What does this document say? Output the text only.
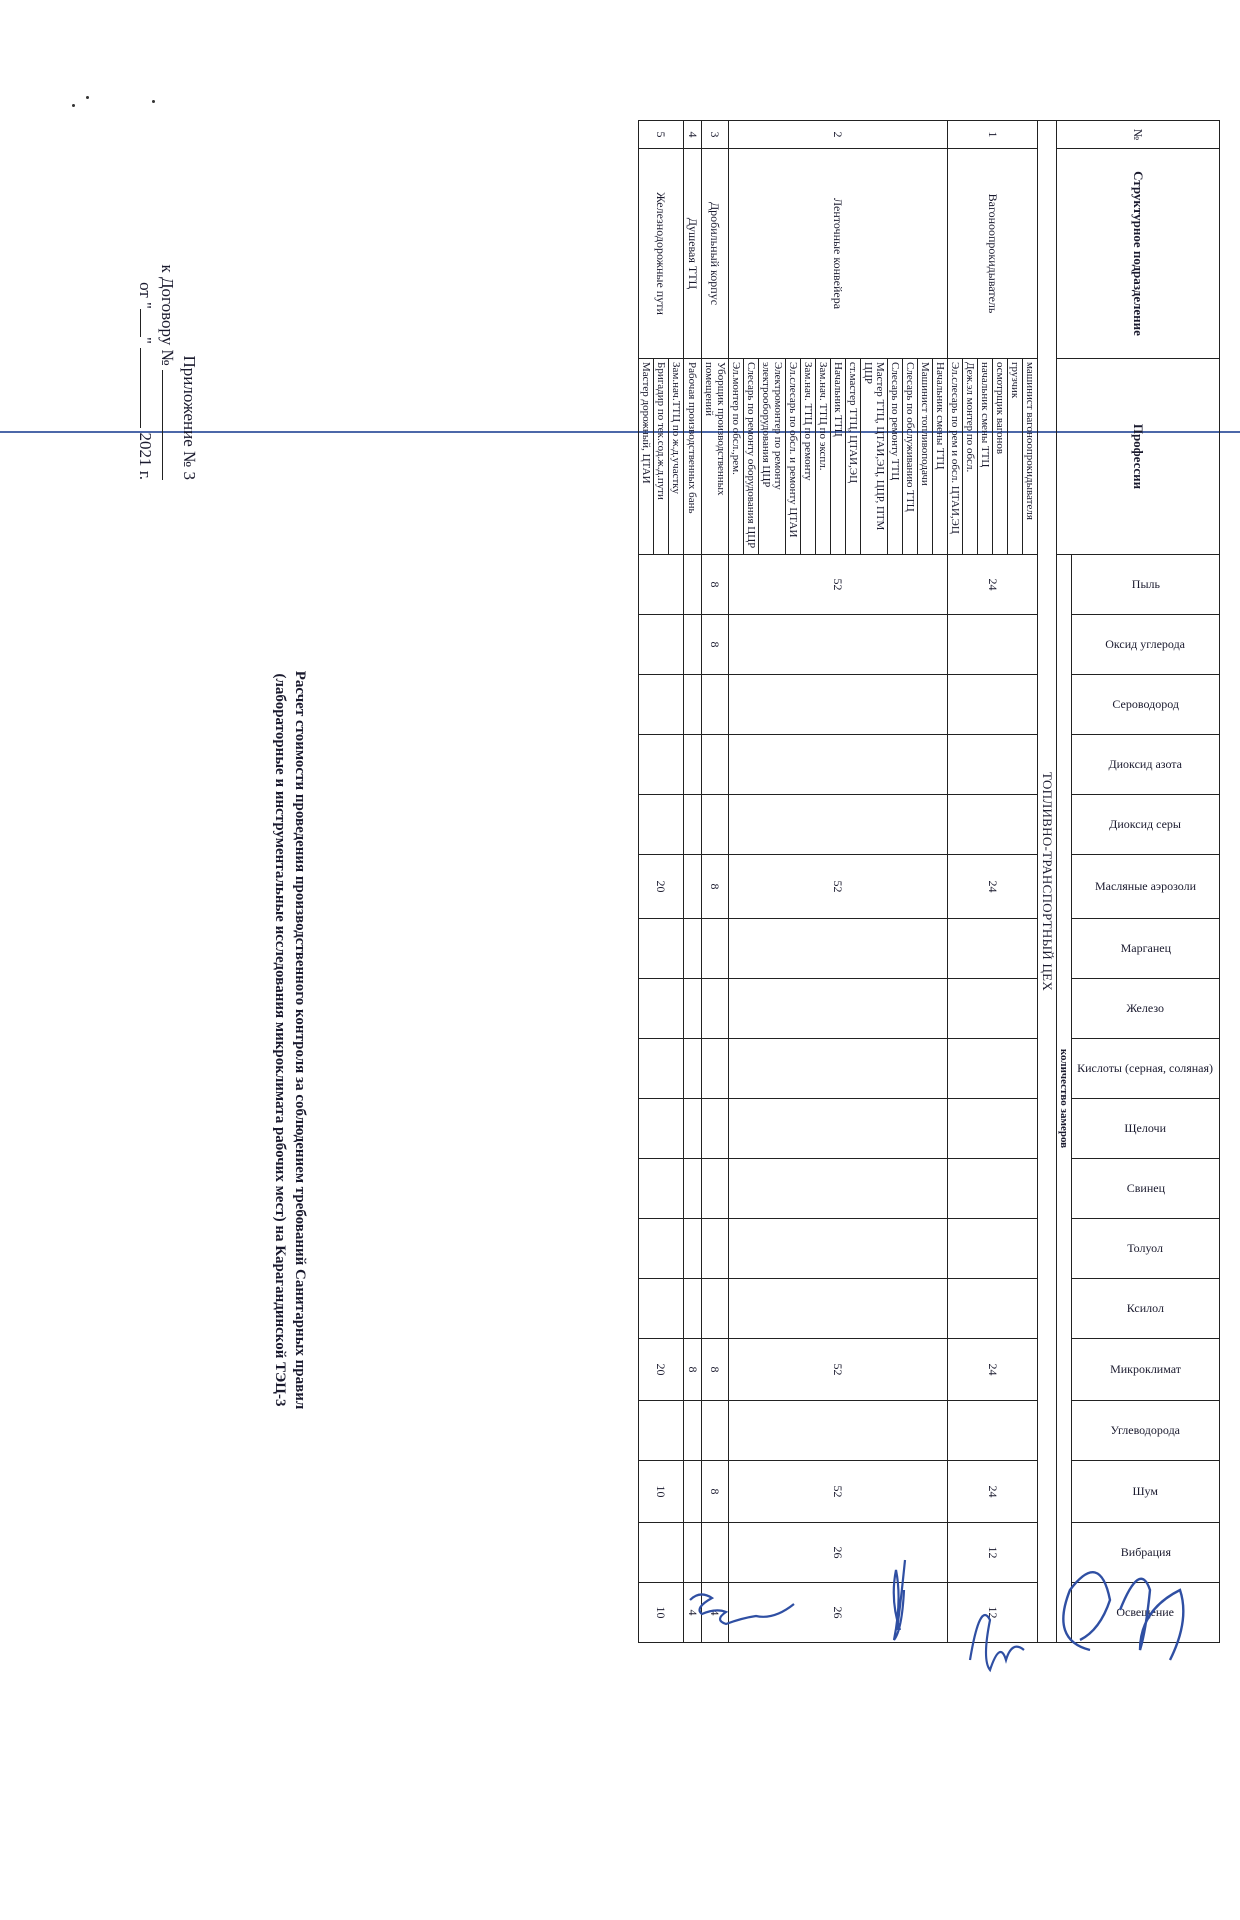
Приложение № 3
к Договору №
от ""  2021 г.
Расчет стоимости проведения производственного контроля за соблюдением требований Санитарных правил
(лабораторные и инструментальные исследования микроклимата рабочих мест) на Карагандинской ТЭЦ-3
№	Структурное подразделение	Профессии	Пыль	Оксид углерода	Сероводород	Диоксид азота	Диоксид серы	Масляные аэрозоли	Марганец	Железо	Кислоты (серная, соляная)	Щелочи	Свинец	Толуол	Ксилол	Микроклимат	Углеводорода	Шум	Вибрация	Освещение

			количество замеров																	
ТОПЛИВНО-ТРАНСПОРТНЫЙ ЦЕХ																				
1	Вагоноопрокидыватель	машинист вагоноопрокидывателя	24					24								24		24	12	12
		грузчик																		
		осмотрщик вагонов																		
		начальник смены ТТЦ																		
		Деж.эл монтер по обсл.																		
		Эл.слесарь по рем и обсл. ЦТАИ,ЭЦ																		
2	Ленточные конвейера	Начальник смены ТТЦ	52					52								52		52	26	26
		Машинист топливоподачи																		
		Слесарь по обслуживанию ТТЦ																		
		Слесарь по ремонту ТТЦ																		
		Мастер ТТЦ, ЦТАИ,ЭЦ, ЦЦР, ПТМ ЦЦР																		
		ст.мастер ТТЦ, ЦТАИ,ЭЦ																		
		Начальник ТТЦ																		
		Зам.нач. ТТЦ по экспл.																		
		Зам.нач. ТТЦ по ремонту																		
		Эл.слесарь по обсл. и ремонту ЦТАИ																		
		Электромонтер по ремонту электрооборудования ЦЦР																		
		Слесарь по ремонту оборудования ЦЦР																		
		Эл.монтер по обсл.,рем.																		
3	Дробильный корпус	Уборщик производственных помещений	8	8				8								8		8		4
4	Душевая ТТЦ	Рабочая производственных бань														8				4
5	Железнодорожные пути	Зам.нач.ТТЦ по ж.д.участку						20								20		10		10
		Бригадир по тек.сод.ж.д.пути																		
		Мастер дорожный, ЦТАИ																		
